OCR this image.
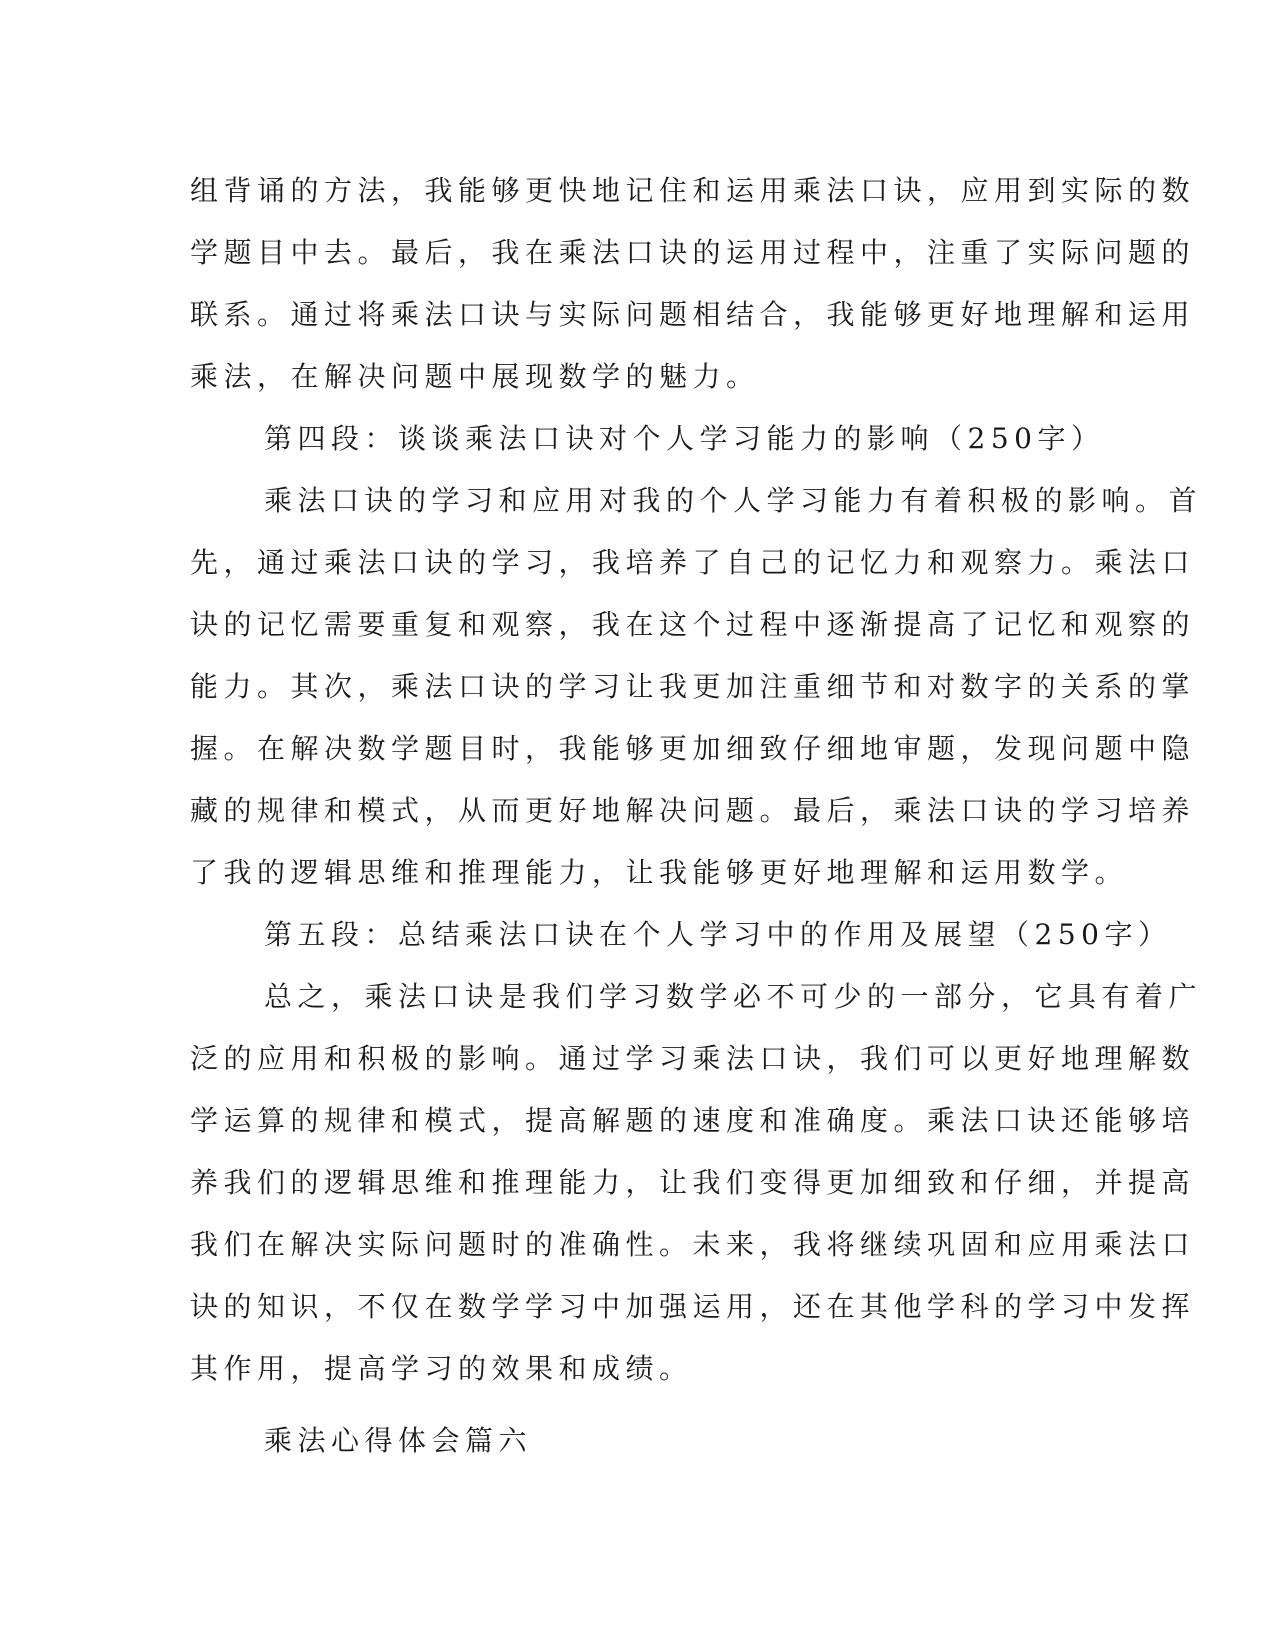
组背诵的方法，我能够更快地记住和运用乘法口诀，应用到实际的数
学题目中去。最后，我在乘法口诀的运用过程中，注重了实际问题的
联系。通过将乘法口诀与实际问题相结合，我能够更好地理解和运用
乘法，在解决问题中展现数学的魅力。
第四段：谈谈乘法口诀对个人学习能力的影响（250字）
乘法口诀的学习和应用对我的个人学习能力有着积极的影响。首
先，通过乘法口诀的学习，我培养了自己的记忆力和观察力。乘法口
诀的记忆需要重复和观察，我在这个过程中逐渐提高了记忆和观察的
能力。其次，乘法口诀的学习让我更加注重细节和对数字的关系的掌
握。在解决数学题目时，我能够更加细致仔细地审题，发现问题中隐
藏的规律和模式，从而更好地解决问题。最后，乘法口诀的学习培养
了我的逻辑思维和推理能力，让我能够更好地理解和运用数学。
第五段：总结乘法口诀在个人学习中的作用及展望（250字）
总之，乘法口诀是我们学习数学必不可少的一部分，它具有着广
泛的应用和积极的影响。通过学习乘法口诀，我们可以更好地理解数
学运算的规律和模式，提高解题的速度和准确度。乘法口诀还能够培
养我们的逻辑思维和推理能力，让我们变得更加细致和仔细，并提高
我们在解决实际问题时的准确性。未来，我将继续巩固和应用乘法口
诀的知识，不仅在数学学习中加强运用，还在其他学科的学习中发挥
其作用，提高学习的效果和成绩。
乘法心得体会篇六
